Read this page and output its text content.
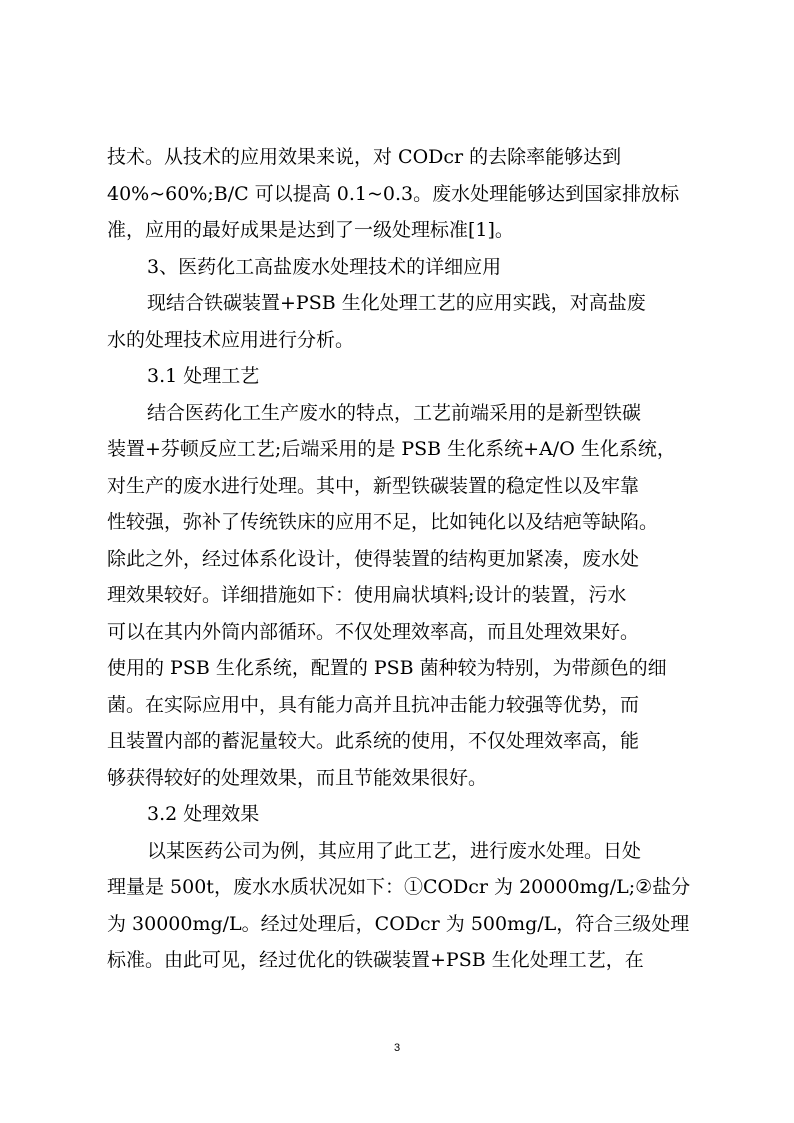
技术。从技术的应用效果来说，对 CODcr 的去除率能够达到
40%~60%;B/C 可以提高 0.1~0.3。废水处理能够达到国家排放标
准，应用的最好成果是达到了一级处理标准[1]。
3、医药化工高盐废水处理技术的详细应用
现结合铁碳装置+PSB 生化处理工艺的应用实践，对高盐废
水的处理技术应用进行分析。
3.1 处理工艺
结合医药化工生产废水的特点，工艺前端采用的是新型铁碳
装置+芬顿反应工艺;后端采用的是 PSB 生化系统+A/O 生化系统，
对生产的废水进行处理。其中，新型铁碳装置的稳定性以及牢靠
性较强，弥补了传统铁床的应用不足，比如钝化以及结疤等缺陷。
除此之外，经过体系化设计，使得装置的结构更加紧凑，废水处
理效果较好。详细措施如下：使用扁状填料;设计的装置，污水
可以在其内外筒内部循环。不仅处理效率高，而且处理效果好。
使用的 PSB 生化系统，配置的 PSB 菌种较为特别，为带颜色的细
菌。在实际应用中，具有能力高并且抗冲击能力较强等优势，而
且装置内部的蓄泥量较大。此系统的使用，不仅处理效率高，能
够获得较好的处理效果，而且节能效果很好。
3.2 处理效果
以某医药公司为例，其应用了此工艺，进行废水处理。日处
理量是 500t，废水水质状况如下：①CODcr 为 20000mg/L;②盐分
为 30000mg/L。经过处理后，CODcr 为 500mg/L，符合三级处理
标准。由此可见，经过优化的铁碳装置+PSB 生化处理工艺，在
3
